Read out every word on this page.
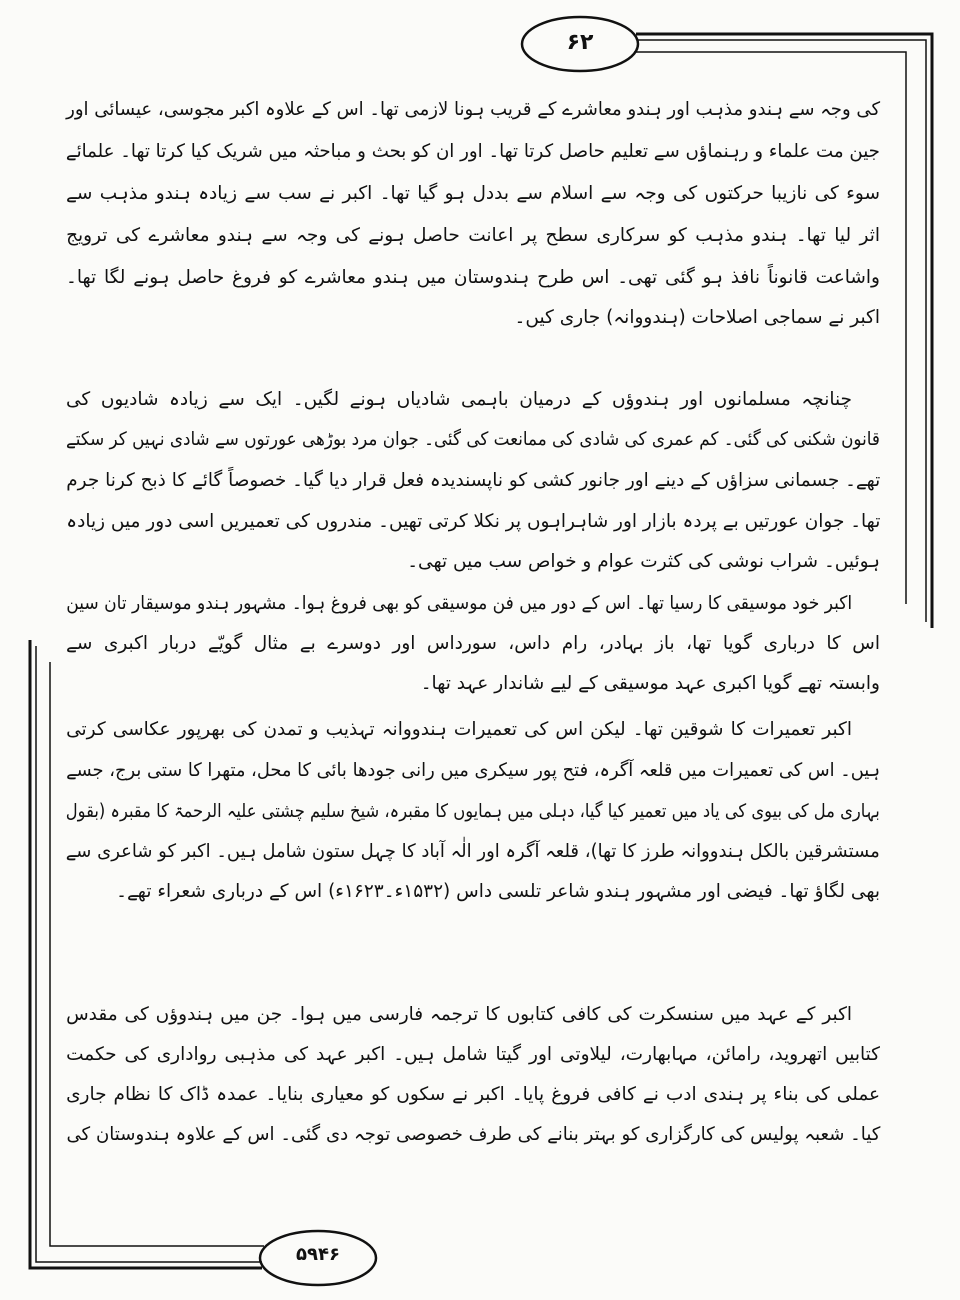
۶۲
۵۹۴۶
کی وجہ سے ہندو مذہب اور ہندو معاشرے کے قریب ہونا لازمی تھا۔ اس کے علاوہ اکبر مجوسی، عیسائی اور
جین مت علماء و رہنماؤں سے تعلیم حاصل کرتا تھا۔ اور ان کو بحث و مباحثہ میں شریک کیا کرتا تھا۔ علمائے
سوء کی نازیبا حرکتوں کی وجہ سے اسلام سے بددل ہو گیا تھا۔ اکبر نے سب سے زیادہ ہندو مذہب سے
اثر لیا تھا۔ ہندو مذہب کو سرکاری سطح پر اعانت حاصل ہونے کی وجہ سے ہندو معاشرے کی ترویج
واشاعت قانوناً نافذ ہو گئی تھی۔ اس طرح ہندوستان میں ہندو معاشرے کو فروغ حاصل ہونے لگا تھا۔
اکبر نے سماجی اصلاحات (ہندووانہ) جاری کیں۔
چنانچہ مسلمانوں اور ہندوؤں کے درمیان باہمی شادیاں ہونے لگیں۔ ایک سے زیادہ شادیوں کی
قانون شکنی کی گئی۔ کم عمری کی شادی کی ممانعت کی گئی۔ جوان مرد بوڑھی عورتوں سے شادی نہیں کر سکتے
تھے۔ جسمانی سزاؤں کے دینے اور جانور کشی کو ناپسندیدہ فعل قرار دیا گیا۔ خصوصاً گائے کا ذبح کرنا جرم
تھا۔ جوان عورتیں بے پردہ بازار اور شاہراہوں پر نکلا کرتی تھیں۔ مندروں کی تعمیریں اسی دور میں زیادہ
ہوئیں۔ شراب نوشی کی کثرت عوام و خواص سب میں تھی۔
اکبر خود موسیقی کا رسیا تھا۔ اس کے دور میں فن موسیقی کو بھی فروغ ہوا۔ مشہور ہندو موسیقار تان سین
اس کا درباری گویا تھا، باز بہادر، رام داس، سورداس اور دوسرے بے مثال گویّے دربار اکبری سے
وابستہ تھے گویا اکبری عہد موسیقی کے لیے شاندار عہد تھا۔
اکبر تعمیرات کا شوقین تھا۔ لیکن اس کی تعمیرات ہندووانہ تہذیب و تمدن کی بھرپور عکاسی کرتی
ہیں۔ اس کی تعمیرات میں قلعہ آگرہ، فتح پور سیکری میں رانی جودھا بائی کا محل، متھرا کا ستی برج، جسے
بہاری مل کی بیوی کی یاد میں تعمیر کیا گیا، دہلی میں ہمایوں کا مقبرہ، شیخ سلیم چشتی علیہ الرحمۃ کا مقبرہ (بقول
مستشرقین بالکل ہندووانہ طرز کا تھا)، قلعہ آگرہ اور الٰہ آباد کا چہل ستون شامل ہیں۔ اکبر کو شاعری سے
بھی لگاؤ تھا۔ فیضی اور مشہور ہندو شاعر تلسی داس (۱۵۳۲ء۔۱۶۲۳ء) اس کے درباری شعراء تھے۔
اکبر کے عہد میں سنسکرت کی کافی کتابوں کا ترجمہ فارسی میں ہوا۔ جن میں ہندوؤں کی مقدس
کتابیں اتھروید، رامائن، مہابھارت، لیلاوتی اور گیتا شامل ہیں۔ اکبر عہد کی مذہبی رواداری کی حکمت
عملی کی بناء پر ہندی ادب نے کافی فروغ پایا۔ اکبر نے سکوں کو معیاری بنایا۔ عمدہ ڈاک کا نظام جاری
کیا۔ شعبہ پولیس کی کارگزاری کو بہتر بنانے کی طرف خصوصی توجہ دی گئی۔ اس کے علاوہ ہندوستان کی
